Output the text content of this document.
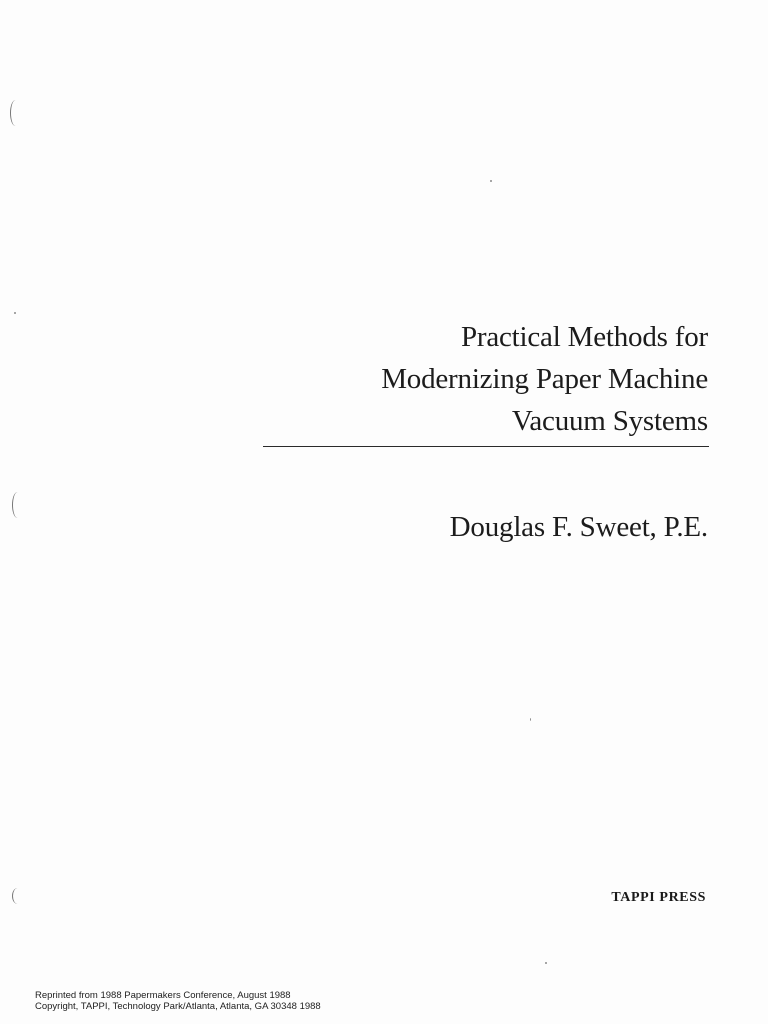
Practical Methods for
Modernizing Paper Machine
Vacuum Systems
Douglas F. Sweet, P.E.
TAPPI PRESS
Reprinted from 1988 Papermakers Conference, August 1988
Copyright, TAPPI, Technology Park/Atlanta, Atlanta, GA 30348 1988
